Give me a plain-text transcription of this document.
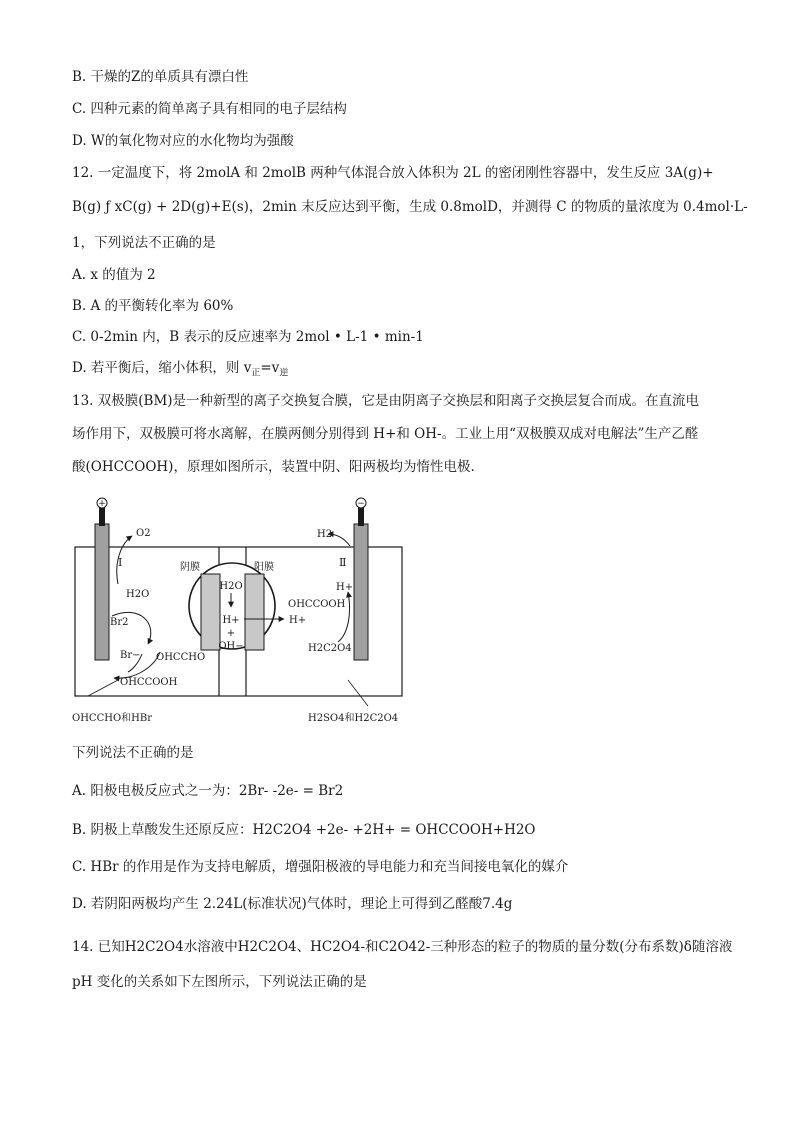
B. 干燥的Z的单质具有漂白性
C. 四种元素的简单离子具有相同的电子层结构
D. W的氧化物对应的水化物均为强酸
12. 一定温度下，将 2molA 和 2molB 两种气体混合放入体积为 2L 的密闭刚性容器中，发生反应 3A(g)+
B(g) ƒ xC(g) + 2D(g)+E(s)，2min 末反应达到平衡，生成 0.8molD，并测得 C 的物质的量浓度为 0.4mol·L-
1，下列说法不正确的是
A. x 的值为 2
B. A 的平衡转化率为 60%
C. 0-2min 内，B 表示的反应速率为 2mol • L-1 • min-1
D. 若平衡后，缩小体积，则 $v_正=v_逆$
13. 双极膜(BM)是一种新型的离子交换复合膜，它是由阴离子交换层和阳离子交换层复合而成。在直流电
场作用下，双极膜可将水离解，在膜两侧分别得到 H+和 OH-。工业上用“双极膜双成对电解法”生产乙醛
酸(OHCCOOH)，原理如图所示，装置中阴、阳两极均为惰性电极.
+	−
O2	H2
Ⅰ	Ⅱ
H2O
Br2
Br− OHCCHO
OHCCOOH
阴膜	阳膜
H2O
H+
+
OH−
H+
H+
OHCCOOH
H2C2O4
OHCCHO和HBr	H2SO4和H2C2O4
下列说法不正确的是
A. 阳极电极反应式之一为：2Br- -2e- = Br2
B. 阴极上草酸发生还原反应：H2C2O4 +2e- +2H+ = OHCCOOH+H2O
C. HBr 的作用是作为支持电解质，增强阳极液的导电能力和充当间接电氧化的媒介
D. 若阴阳两极均产生 2.24L(标准状况)气体时，理论上可得到乙醛酸7.4g
14. 已知H2C2O4水溶液中H2C2O4、HC2O4-和C2O42-三种形态的粒子的物质的量分数(分布系数)δ随溶液
pH 变化的关系如下左图所示，下列说法正确的是
